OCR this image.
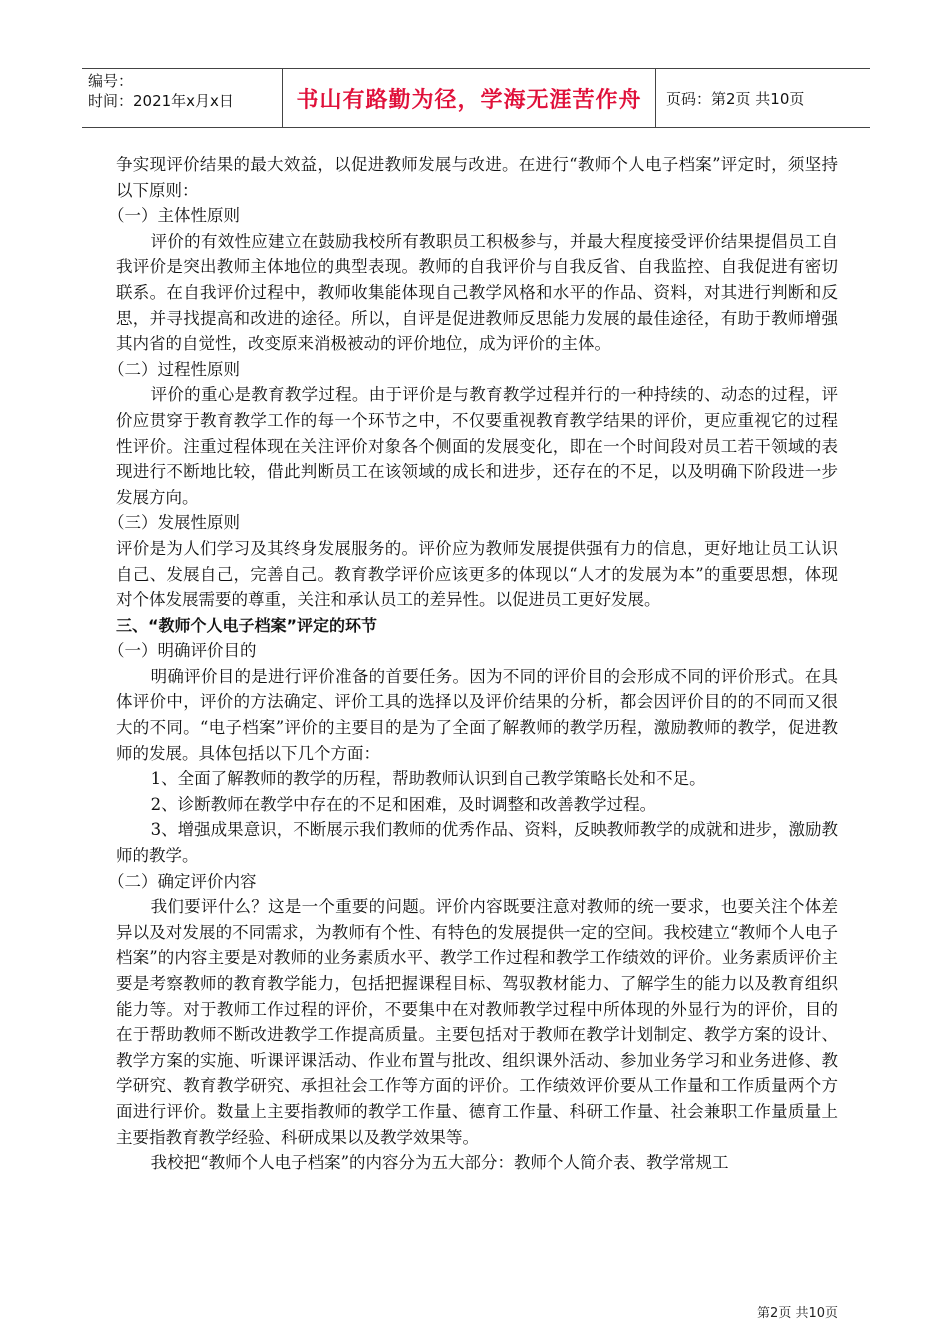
编号：
时间：2021年x月x日	书山有路勤为径，学海无涯苦作舟	页码：第2页 共10页

争实现评价结果的最大效益，以促进教师发展与改进。在进行“教师个人电子档案”评定时，须坚持以下原则：

（一）主体性原则

评价的有效性应建立在鼓励我校所有教职员工积极参与，并最大程度接受评价结果提倡员工自我评价是突出教师主体地位的典型表现。教师的自我评价与自我反省、自我监控、自我促进有密切联系。在自我评价过程中，教师收集能体现自己教学风格和水平的作品、资料，对其进行判断和反思，并寻找提高和改进的途径。所以，自评是促进教师反思能力发展的最佳途径，有助于教师增强其内省的自觉性，改变原来消极被动的评价地位，成为评价的主体。

（二）过程性原则

评价的重心是教育教学过程。由于评价是与教育教学过程并行的一种持续的、动态的过程，评价应贯穿于教育教学工作的每一个环节之中，不仅要重视教育教学结果的评价，更应重视它的过程性评价。注重过程体现在关注评价对象各个侧面的发展变化，即在一个时间段对员工若干领域的表现进行不断地比较，借此判断员工在该领域的成长和进步，还存在的不足，以及明确下阶段进一步发展方向。

（三）发展性原则

评价是为人们学习及其终身发展服务的。评价应为教师发展提供强有力的信息，更好地让员工认识自己、发展自己，完善自己。教育教学评价应该更多的体现以“人才的发展为本”的重要思想，体现对个体发展需要的尊重，关注和承认员工的差异性。以促进员工更好发展。

三、“教师个人电子档案”评定的环节

（一）明确评价目的

明确评价目的是进行评价准备的首要任务。因为不同的评价目的会形成不同的评价形式。在具体评价中，评价的方法确定、评价工具的选择以及评价结果的分析，都会因评价目的的不同而又很大的不同。“电子档案”评价的主要目的是为了全面了解教师的教学历程，激励教师的教学，促进教师的发展。具体包括以下几个方面：

1、全面了解教师的教学的历程，帮助教师认识到自己教学策略长处和不足。

2、诊断教师在教学中存在的不足和困难，及时调整和改善教学过程。

3、增强成果意识，不断展示我们教师的优秀作品、资料，反映教师教学的成就和进步，激励教师的教学。

（二）确定评价内容

我们要评什么？这是一个重要的问题。评价内容既要注意对教师的统一要求，也要关注个体差异以及对发展的不同需求，为教师有个性、有特色的发展提供一定的空间。我校建立“教师个人电子档案”的内容主要是对教师的业务素质水平、教学工作过程和教学工作绩效的评价。业务素质评价主要是考察教师的教育教学能力，包括把握课程目标、驾驭教材能力、了解学生的能力以及教育组织能力等。对于教师工作过程的评价，不要集中在对教师教学过程中所体现的外显行为的评价，目的在于帮助教师不断改进教学工作提高质量。主要包括对于教师在教学计划制定、教学方案的设计、教学方案的实施、听课评课活动、作业布置与批改、组织课外活动、参加业务学习和业务进修、教学研究、教育教学研究、承担社会工作等方面的评价。工作绩效评价要从工作量和工作质量两个方面进行评价。数量上主要指教师的教学工作量、德育工作量、科研工作量、社会兼职工作量质量上主要指教育教学经验、科研成果以及教学效果等。

我校把“教师个人电子档案”的内容分为五大部分：教师个人简介表、教学常规工

第2页 共10页
